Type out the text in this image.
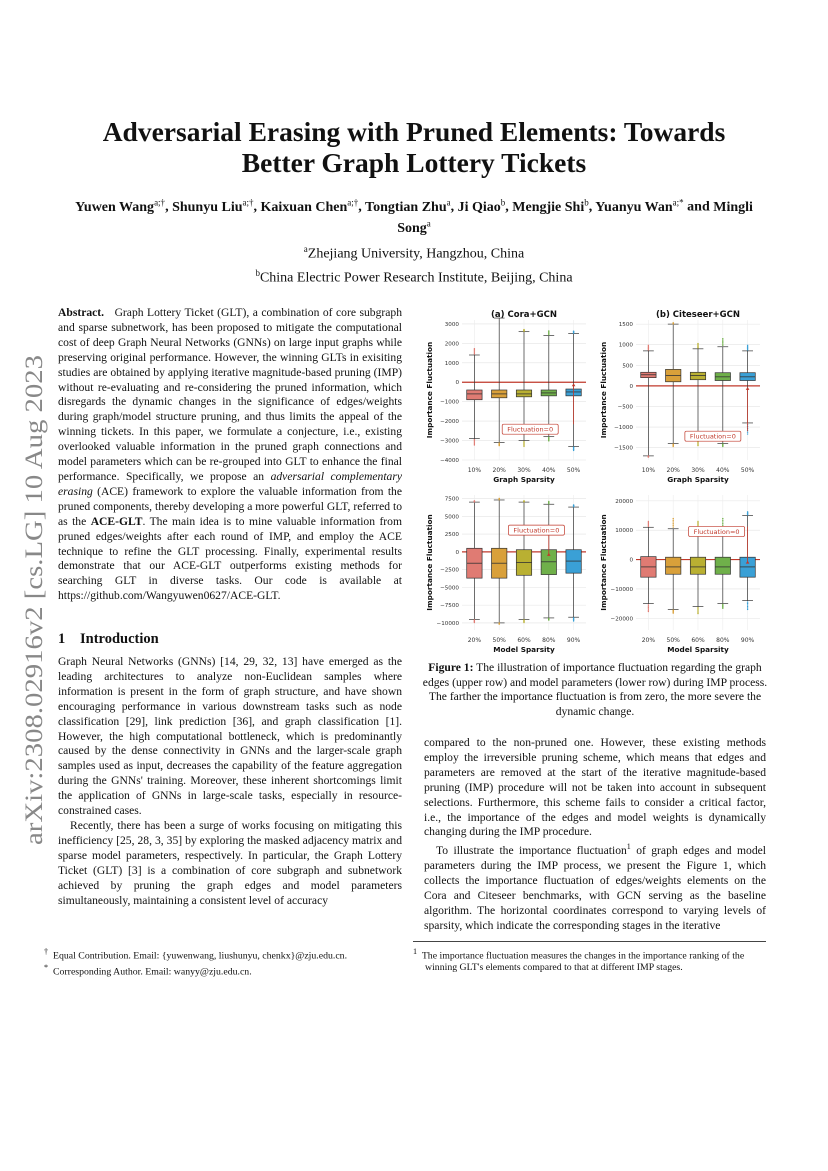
arXiv:2308.02916v2 [cs.LG] 10 Aug 2023
Adversarial Erasing with Pruned Elements: Towards
Better Graph Lottery Tickets
Yuwen Wang$^{a;\dagger}$, Shunyu Liu$^{a;\dagger}$, Kaixuan Chen$^{a;\dagger}$, Tongtian Zhu$^a$, Ji Qiao$^b$, Mengjie Shi$^b$, Yuanyu Wan$^{a;*}$ and Mingli Song$^a$
$^a$Zhejiang University, Hangzhou, China
$^b$China Electric Power Research Institute, Beijing, China

Abstract. Graph Lottery Ticket (GLT), a combination of core subgraph and sparse subnetwork, has been proposed to mitigate the computational cost of deep Graph Neural Networks (GNNs) on large input graphs while preserving original performance. However, the winning GLTs in exisiting studies are obtained by applying iterative magnitude-based pruning (IMP) without re-evaluating and re-considering the pruned information, which disregards the dynamic changes in the significance of edges/weights during graph/model structure pruning, and thus limits the appeal of the winning tickets. In this paper, we formulate a conjecture, i.e., existing overlooked valuable information in the pruned graph connections and model parameters which can be re-grouped into GLT to enhance the final performance. Specifically, we propose an adversarial complementary erasing (ACE) framework to explore the valuable information from the pruned components, thereby developing a more powerful GLT, referred to as the ACE-GLT. The main idea is to mine valuable information from pruned edges/weights after each round of IMP, and employ the ACE technique to refine the GLT processing. Finally, experimental results demonstrate that our ACE-GLT outperforms existing methods for searching GLT in diverse tasks. Our code is available at https://github.com/Wangyuwen0627/ACE-GLT.

1 Introduction

Graph Neural Networks (GNNs) [14, 29, 32, 13] have emerged as the leading architectures to analyze non-Euclidean samples where information is present in the form of graph structure, and have shown encouraging performance in various downstream tasks such as node classification [29], link prediction [36], and graph classification [1]. However, the high computational bottleneck, which is predominantly caused by the dense connectivity in GNNs and the larger-scale graph samples used as input, decreases the capability of the feature aggregation during the GNNs' training. Moreover, these inherent shortcomings limit the application of GNNs in large-scale tasks, especially in resource-constrained cases.

Recently, there has been a surge of works focusing on mitigating this inefficiency [25, 28, 3, 35] by exploring the masked adjacency matrix and sparse model parameters, respectively. In particular, the Graph Lottery Ticket (GLT) [3] is a combination of core subgraph and subnetwork achieved by pruning the graph edges and model parameters simultaneously, maintaining a consistent level of accuracy

−4000
−3000
−2000
−1000
0
1000
2000
3000
10% 20% 30% 40% 50%
Fluctuation=0
(a) Cora+GCN
Graph Sparsity
Importance Fluctuation
−1500
−1000
−500
0
500
1000
1500
10% 20% 30% 40% 50%
Fluctuation=0
(b) Citeseer+GCN
Graph Sparsity
Importance Fluctuation
−10000
−7500
−5000
−2500
0
2500
5000
7500
20% 50% 60% 80% 90%
Fluctuation=0
Model Sparsity
Importance Fluctuation
−20000
−10000
0
10000
20000
20% 50% 60% 80% 90%
Fluctuation=0
Model Sparsity
Importance Fluctuation
Figure 1: The illustration of importance fluctuation regarding the graph edges (upper row) and model parameters (lower row) during IMP process. The farther the importance fluctuation is from zero, the more severe the dynamic change.

compared to the non-pruned one. However, these existing methods employ the irreversible pruning scheme, which means that edges and parameters are removed at the start of the iterative magnitude-based pruning (IMP) procedure will not be taken into account in subsequent selections. Furthermore, this scheme fails to consider a critical factor, i.e., the importance of the edges and model weights is dynamically changing during the IMP procedure.

To illustrate the importance fluctuation$^1$ of graph edges and model parameters during the IMP process, we present the Figure 1, which collects the importance fluctuation of edges/weights elements on the Cora and Citeseer benchmarks, with GCN serving as the baseline algorithm. The horizontal coordinates correspond to varying levels of sparsity, which indicate the corresponding stages in the iterative

† Equal Contribution. Email: {yuwenwang, liushunyu, chenkx}@zju.edu.cn.
* Corresponding Author. Email: wanyy@zju.edu.cn.
$^1$ The importance fluctuation measures the changes in the importance ranking of the winning GLT's elements compared to that at different IMP stages.
